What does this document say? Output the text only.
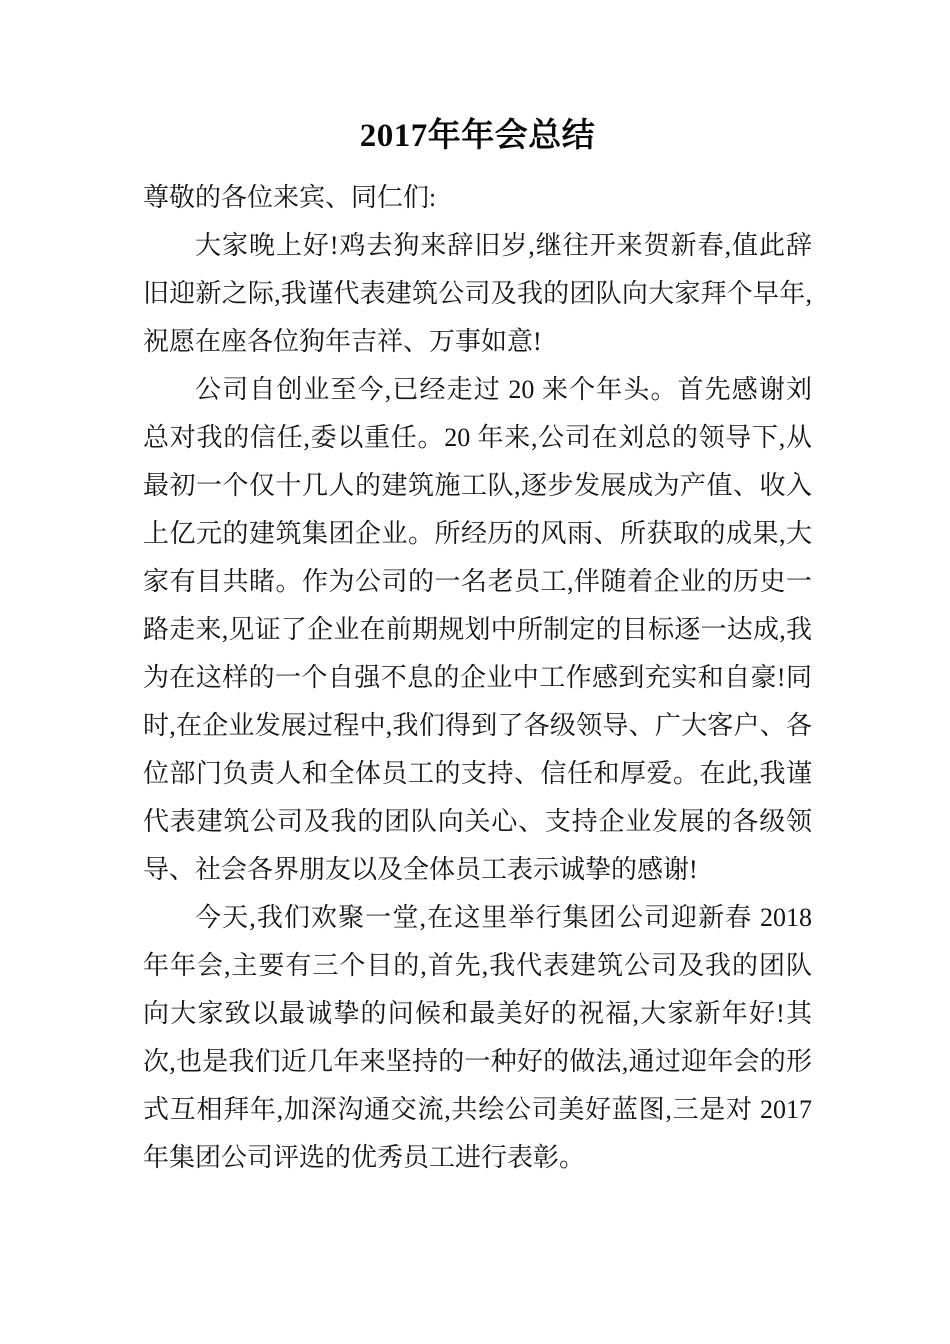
2017年年会总结

尊敬的各位来宾、同仁们:

大家晚上好!鸡去狗来辞旧岁,继往开来贺新春,值此辞旧迎新之际,我谨代表建筑公司及我的团队向大家拜个早年,祝愿在座各位狗年吉祥、万事如意!

公司自创业至今,已经走过 20 来个年头。首先感谢刘总对我的信任,委以重任。20 年来,公司在刘总的领导下,从最初一个仅十几人的建筑施工队,逐步发展成为产值、收入上亿元的建筑集团企业。所经历的风雨、所获取的成果,大家有目共睹。作为公司的一名老员工,伴随着企业的历史一路走来,见证了企业在前期规划中所制定的目标逐一达成,我为在这样的一个自强不息的企业中工作感到充实和自豪!同时,在企业发展过程中,我们得到了各级领导、广大客户、各位部门负责人和全体员工的支持、信任和厚爱。在此,我谨代表建筑公司及我的团队向关心、支持企业发展的各级领导、社会各界朋友以及全体员工表示诚挚的感谢!

今天,我们欢聚一堂,在这里举行集团公司迎新春 2018 年年会,主要有三个目的,首先,我代表建筑公司及我的团队向大家致以最诚挚的问候和最美好的祝福,大家新年好!其次,也是我们近几年来坚持的一种好的做法,通过迎年会的形式互相拜年,加深沟通交流,共绘公司美好蓝图,三是对 2017 年集团公司评选的优秀员工进行表彰。
